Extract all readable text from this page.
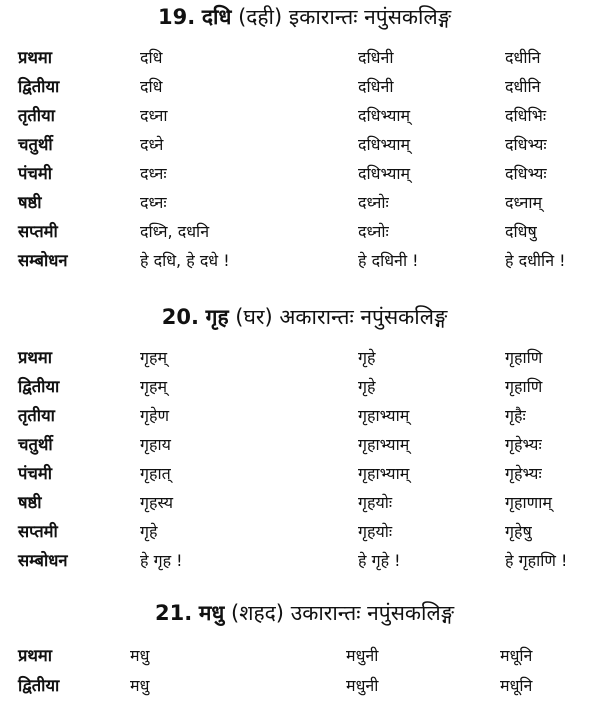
19. दधि (दही) इकारान्तः नपुंसकलिङ्ग
प्रथमा	दधि	दधिनी	दधीनि
द्वितीया	दधि	दधिनी	दधीनि
तृतीया	दध्ना	दधिभ्याम्	दधिभिः
चतुर्थी	दध्ने	दधिभ्याम्	दधिभ्यः
पंचमी	दध्नः	दधिभ्याम्	दधिभ्यः
षष्ठी	दध्नः	दध्नोः	दध्नाम्
सप्तमी	दध्नि, दधनि	दध्नोः	दधिषु
सम्बोधन	हे दधि, हे दधे !	हे दधिनी !	हे दधीनि !
20. गृह (घर) अकारान्तः नपुंसकलिङ्ग
प्रथमा	गृहम्	गृहे	गृहाणि
द्वितीया	गृहम्	गृहे	गृहाणि
तृतीया	गृहेण	गृहाभ्याम्	गृहैः
चतुर्थी	गृहाय	गृहाभ्याम्	गृहेभ्यः
पंचमी	गृहात्	गृहाभ्याम्	गृहेभ्यः
षष्ठी	गृहस्य	गृहयोः	गृहाणाम्
सप्तमी	गृहे	गृहयोः	गृहेषु
सम्बोधन	हे गृह !	हे गृहे !	हे गृहाणि !
21. मधु (शहद) उकारान्तः नपुंसकलिङ्ग
प्रथमा	मधु	मधुनी	मधूनि
द्वितीया	मधु	मधुनी	मधूनि
